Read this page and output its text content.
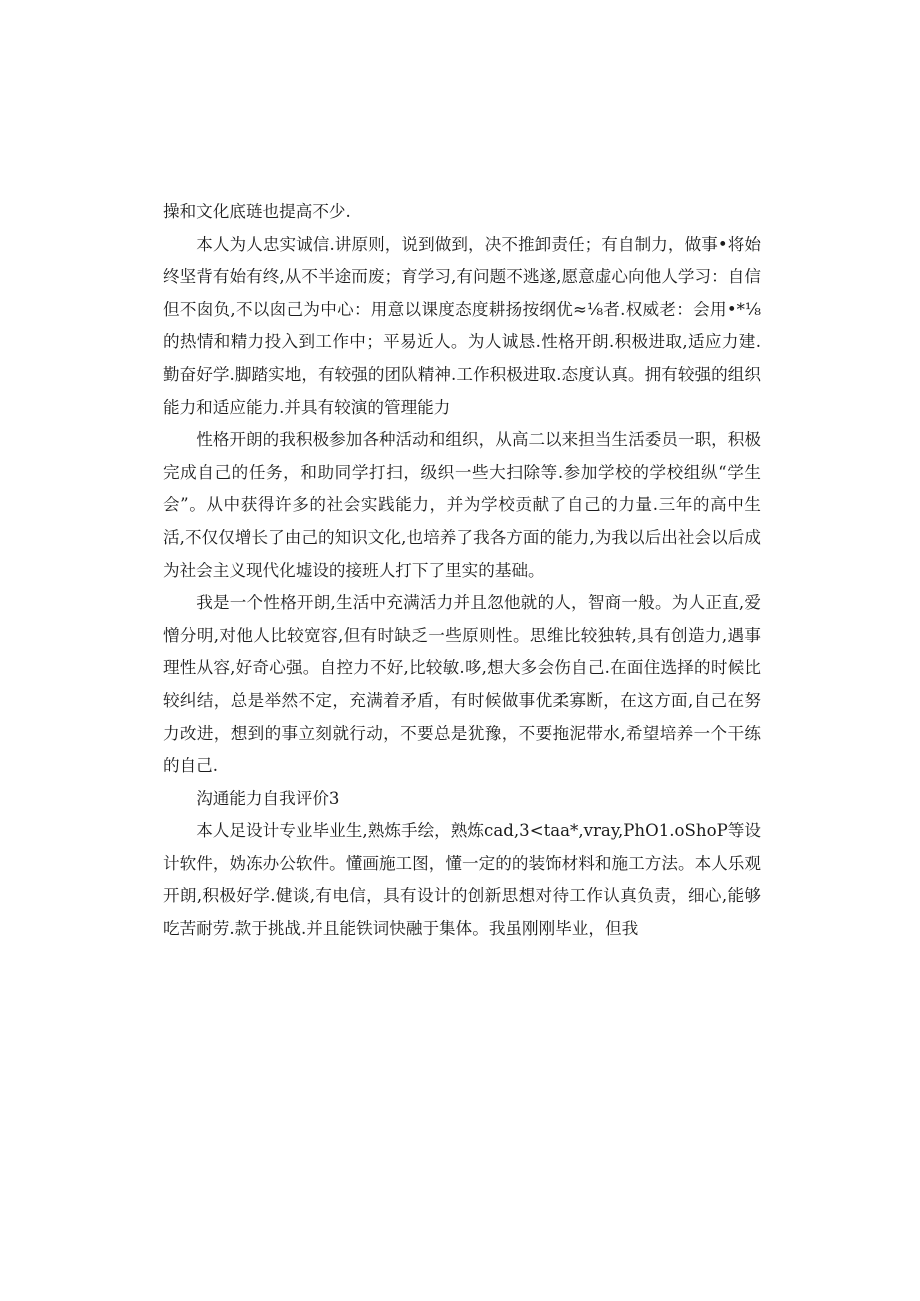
操和文化底琏也提高不少.

本人为人忠实诚信.讲原则，说到做到，决不推卸责任；有自制力，做事•将始终坚背有始有终,从不半途而废；育学习,有问题不逃遂,愿意虚心向他人学习：自信但不囱负,不以囱己为中心：用意以课度态度耕扬按纲优≈⅛者.权威老：会用•*⅛的热情和精力投入到工作中；平易近人。为人诚恳.性格开朗.积极进取,适应力建.勤奋好学.脚踏实地，有较强的团队精神.工作积极进取.态度认真。拥有较强的组织能力和适应能力.并具有较演的管理能力

性格开朗的我积极参加各种活动和组织，从高二以来担当生活委员一职，积极完成自己的任务，和助同学打扫，级织一些大扫除等.参加学校的学校组纵“学生会”。从中获得许多的社会实践能力，并为学校贡献了自己的力量.三年的高中生活,不仅仅增长了由己的知识文化,也培养了我各方面的能力,为我以后出社会以后成为社会主义现代化墟设的接班人打下了里实的基础。

我是一个性格开朗,生活中充满活力并且忽他就的人，智商一般。为人正直,爱憎分明,对他人比较宽容,但有时缺乏一些原则性。思维比较独转,具有创造力,遇事理性从容,好奇心强。自控力不好,比较敏.哆,想大多会伤自己.在面住选择的时候比较纠结，总是举然不定，充满着矛盾，有时候做事优柔寡断，在这方面,自己在努力改进，想到的事立刻就行动，不要总是犹豫，不要拖泥带水,希望培养一个干练的自己.

沟通能力自我评价3

本人足设计专业毕业生,熟炼手绘，熟炼cad,3<taa*,vray,PhO1.oShoP等设计软件，妫冻办公软件。懂画施工图，懂一定的的装饰材料和施工方法。本人乐观开朗,积极好学.健谈,有电信，具有设计的创新思想对待工作认真负责，细心,能够吃苦耐劳.款于挑战.并且能铁词快融于集体。我虽刚刚毕业，但我
